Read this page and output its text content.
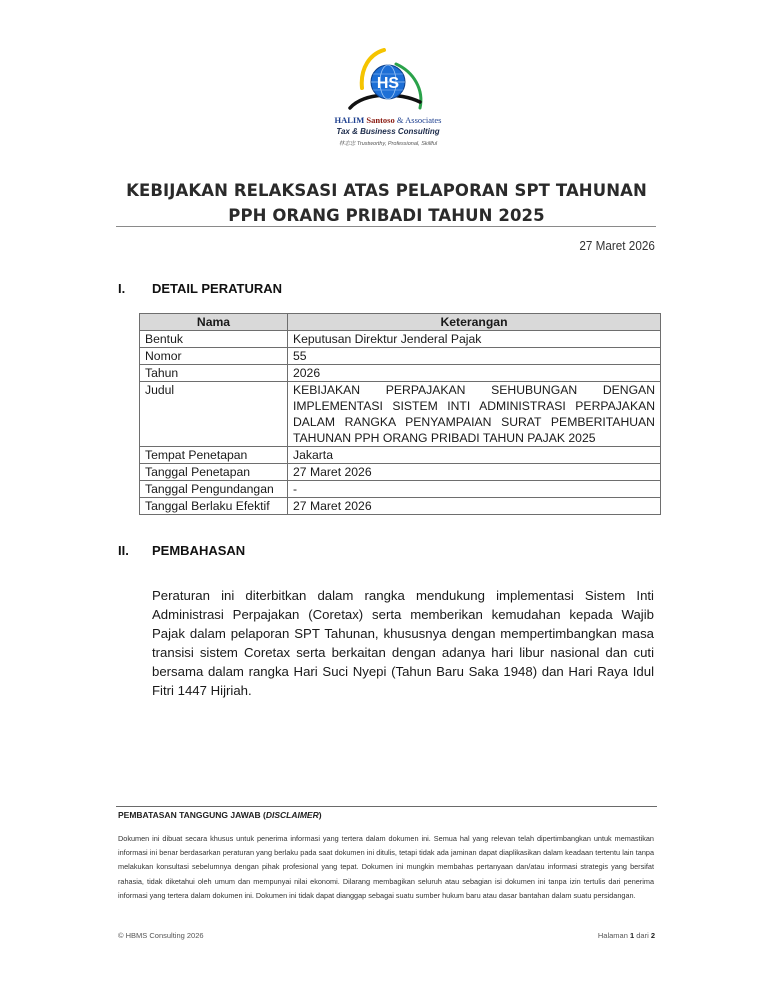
HS
HALIM Santoso & Associates
Tax & Business Consulting
林志忠 Trustworthy, Professional, Skillful
KEBIJAKAN RELAKSASI ATAS PELAPORAN SPT TAHUNAN
PPH ORANG PRIBADI TAHUN 2025
27 Maret 2026
I. DETAIL PERATURAN
Nama	Keterangan
Bentuk	Keputusan Direktur Jenderal Pajak
Nomor	55
Tahun	2026
Judul	KEBIJAKAN PERPAJAKAN SEHUBUNGAN DENGAN IMPLEMENTASI SISTEM INTI ADMINISTRASI PERPAJAKAN DALAM RANGKA PENYAMPAIAN SURAT PEMBERITAHUAN TAHUNAN PPH ORANG PRIBADI TAHUN PAJAK 2025
Tempat Penetapan	Jakarta
Tanggal Penetapan	27 Maret 2026
Tanggal Pengundangan	-
Tanggal Berlaku Efektif	27 Maret 2026
II. PEMBAHASAN

Peraturan ini diterbitkan dalam rangka mendukung implementasi Sistem Inti Administrasi Perpajakan (Coretax) serta memberikan kemudahan kepada Wajib Pajak dalam pelaporan SPT Tahunan, khususnya dengan mempertimbangkan masa transisi sistem Coretax serta berkaitan dengan adanya hari libur nasional dan cuti bersama dalam rangka Hari Suci Nyepi (Tahun Baru Saka 1948) dan Hari Raya Idul Fitri 1447 Hijriah.

PEMBATASAN TANGGUNG JAWAB (DISCLAIMER)

Dokumen ini dibuat secara khusus untuk penerima informasi yang tertera dalam dokumen ini. Semua hal yang relevan telah dipertimbangkan untuk memastikan informasi ini benar berdasarkan peraturan yang berlaku pada saat dokumen ini ditulis, tetapi tidak ada jaminan dapat diaplikasikan dalam keadaan tertentu lain tanpa melakukan konsultasi sebelumnya dengan pihak profesional yang tepat. Dokumen ini mungkin membahas pertanyaan dan/atau informasi strategis yang bersifat rahasia, tidak diketahui oleh umum dan mempunyai nilai ekonomi. Dilarang membagikan seluruh atau sebagian isi dokumen ini tanpa izin tertulis dari penerima informasi yang tertera dalam dokumen ini. Dokumen ini tidak dapat dianggap sebagai suatu sumber hukum baru atau dasar bantahan dalam suatu persidangan.

© HBMS Consulting 2026	Halaman 1 dari 2
